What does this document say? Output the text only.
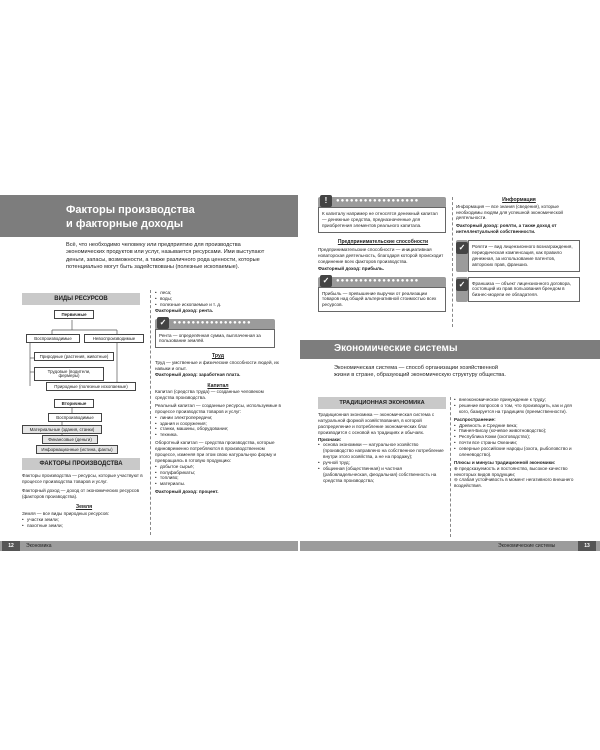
Факторы производства
и факторные доходы
Всё, что необходимо человеку или предприятию для производства экономических продуктов или услуг, называется ресурсами. Ими выступают деньги, запасы, возможности, а также различного рода ценности, которые потенциально могут быть задействованы (полезные ископаемые).
ВИДЫ РЕСУРСОВ
Первичные
Воспроизводимые	Невоспроизводимые
Природные (растения, животные)
Трудовые (водители, фермеры)
Природные (полезные ископаемые)
Вторичные
Воспроизводимые
Материальные (здания, станки)
Финансовые (деньги)
Информационные (истина, факты)
ФАКТОРЫ ПРОИЗВОДСТВА
Факторы производства — ресурсы, которые участвуют в процессе производства товаров и услуг.
Факторный доход — доход от экономических ресурсов (факторов производства).
Земля
Земля — все виды природных ресурсов:
• участки земли;
• пахотные земли;
• леса;
• воды;
• полезные ископаемые и т. д.
Факторный доход: рента.
●●●●●●●●●●●●●●●●●
✓
Рента — определённая сумма, выплаченная за пользование землёй.
Труд
Труд — умственные и физические способности людей, их навыки и опыт.
Факторный доход: заработная плата.
Капитал
Капитал (средства труда) — созданные человеком средства производства.
Реальный капитал — созданные ресурсы, используемые в процессе производства товаров и услуг:
• линии электропередачи;
• здания и сооружения;
• станки, машины, оборудование;
• техника.
Оборотный капитал — средства производства, которые единовременно потребляются в производственном процессе, изменяя при этом свою натуральную форму и превращаясь в готовую продукцию:
• добытое сырьё;
• полуфабрикаты;
• топливо;
• материалы.
Факторный доход: процент.
12	Экономика
●●●●●●●●●●●●●●●●●●
!
К капиталу например не относятся денежный капитал — денежные средства, предназначенные для приобретения элементов реального капитала.
Предпринимательские способности
Предпринимательские способности — инициативная новаторская деятельность, благодаря которой происходит соединение всех факторов производства.
Факторный доход: прибыль.
●●●●●●●●●●●●●●●●●●
✓
Прибыль — превышение выручки от реализации товаров над общей альтернативной стоимостью всех ресурсов.
Информация
Информация — все знания (сведения), которые необходимы людям для успешной экономической деятельности.
Факторный доход: роялти, а также доход от интеллектуальной собственности.
✓	Роялти — вид лицензионного вознаграждения, периодическая компенсация, как правило денежная, за использование патентов, авторских прав, франшиз.
✓	Франшиза — объект лицензионного договора, состоящий из прав пользования брендом в бизнес-модели ее обладателя.
Экономические системы
Экономическая система — способ организации хозяйственной жизни в стране, образующий экономическую структуру общества.
ТРАДИЦИОННАЯ ЭКОНОМИКА
Традиционная экономика — экономическая система с натуральной формой хозяйствования, в которой распределение и потребление экономических благ производится с основой на традициях и обычаях.
Признаки:
• основа экономики — натуральное хозяйство (производство направлено на собственное потребление внутри этого хозяйства, а не на продажу);
• ручной труд;
• общинная (общественная) и частная (рабовладельческая, феодальная) собственность на средства производства;
• внеэкономическое принуждение к труду;
• решение вопросов о том, что производить, как и для кого, базируется на традициях (преемственности).
Распространение:
• Древность и Средние века;
• Гвинея-Бисау (кочевое животноводство);
• Республика Коми (скотоводство);
• почти все страны Океании;
• северные российские народы (охота, рыболовство и оленеводство).
Плюсы и минусы традиционной экономики:
⊕ предсказуемость и постоянство, высокое качество некоторых видов продукции;
⊖ слабая устойчивость в момент негативного внешнего воздействия.
Экономические системы	13
